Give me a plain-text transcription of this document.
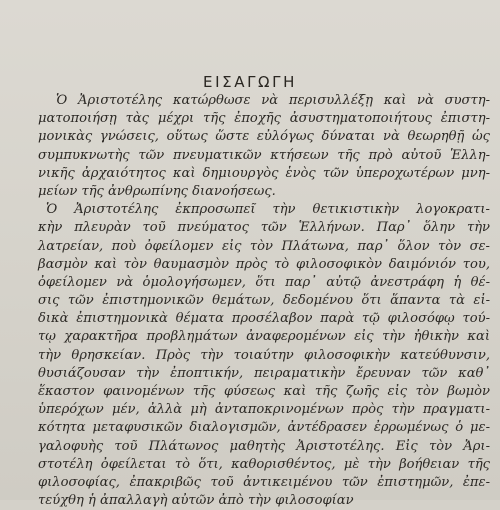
ΕΙΣΑΓΩΓΗ
Ὁ Ἀριστοτέλης κατώρθωσε νὰ περισυλλέξῃ καὶ νὰ συστη-
ματοποιήσῃ τὰς μέχρι τῆς ἐποχῆς ἀσυστηματοποιήτους ἐπιστη-
μονικὰς γνώσεις, οὕτως ὥστε εὐλόγως δύναται νὰ θεωρηθῇ ὡς
συμπυκνωτὴς τῶν πνευματικῶν κτήσεων τῆς πρὸ αὐτοῦ Ἑλλη-
νικῆς ἀρχαιότητος καὶ δημιουργὸς ἑνὸς τῶν ὑπεροχωτέρων μνη-
μείων τῆς ἀνθρωπίνης διανοήσεως.
Ὁ Ἀριστοτέλης ἐκπροσωπεῖ τὴν θετικιστικὴν λογοκρατι-
κὴν πλευρὰν τοῦ πνεύματος τῶν Ἑλλήνων. Παρ᾽ ὅλην τὴν
λατρείαν, ποὺ ὀφείλομεν εἰς τὸν Πλάτωνα, παρ᾽ ὅλον τὸν σε-
βασμὸν καὶ τὸν θαυμασμὸν πρὸς τὸ φιλοσοφικὸν δαιμόνιόν του,
ὀφείλομεν νὰ ὁμολογήσωμεν, ὅτι παρ᾽ αὐτῷ ἀνεστράφη ἡ θέ-
σις τῶν ἐπιστημονικῶν θεμάτων, δεδομένου ὅτι ἅπαντα τὰ εἰ-
δικὰ ἐπιστημονικὰ θέματα προσέλαβον παρὰ τῷ φιλοσόφῳ τού-
τῳ χαρακτῆρα προβλημάτων ἀναφερομένων εἰς τὴν ἠθικὴν καὶ
τὴν θρησκείαν. Πρὸς τὴν τοιαύτην φιλοσοφικὴν κατεύθυνσιν,
θυσιάζουσαν τὴν ἐποπτικήν, πειραματικὴν ἔρευναν τῶν καθ᾽
ἕκαστον φαινομένων τῆς φύσεως καὶ τῆς ζωῆς εἰς τὸν βωμὸν
ὑπερόχων μέν, ἀλλὰ μὴ ἀνταποκρινομένων πρὸς τὴν πραγματι-
κότητα μεταφυσικῶν διαλογισμῶν, ἀντέδρασεν ἐρρωμένως ὁ με-
γαλοφυὴς τοῦ Πλάτωνος μαθητὴς Ἀριστοτέλης. Εἰς τὸν Ἀρι-
στοτέλη ὀφείλεται τὸ ὅτι, καθορισθέντος, μὲ τὴν βοήθειαν τῆς
φιλοσοφίας, ἐπακριβῶς τοῦ ἀντικειμένου τῶν ἐπιστημῶν, ἐπε-
τεύχθη ἡ ἀπαλλαγὴ αὐτῶν ἀπὸ τὴν φιλοσοφίαν
